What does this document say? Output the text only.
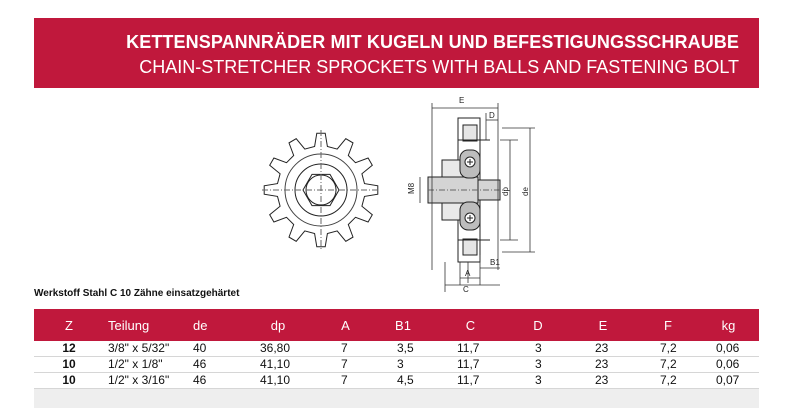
KETTENSPANNRÄDER MIT KUGELN UND BEFESTIGUNGSSCHRAUBE
CHAIN-STRETCHER SPROCKETS WITH BALLS AND FASTENING BOLT
E
D
M8	dp de
B1
A
C
Werkstoff Stahl C 10 Zähne einsatzgehärtet
Z	Teilung	de	dp	A	B1	C	D	E	F	kg
12	3/8" x 5/32"	40	36,80	7	3,5	11,7	3	23	7,2	0,06
10	1/2" x 1/8"	46	41,10	7	3	11,7	3	23	7,2	0,06
10	1/2" x 3/16"	46	41,10	7	4,5	11,7	3	23	7,2	0,07
